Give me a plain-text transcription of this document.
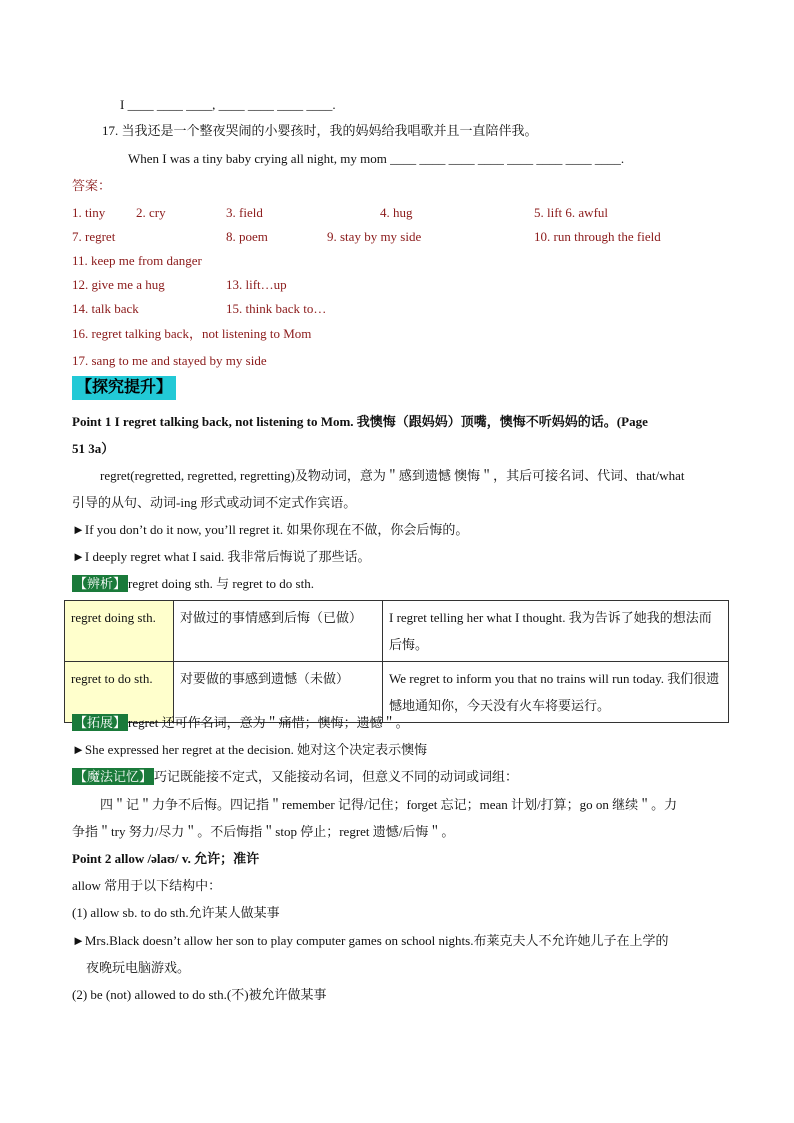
I ____ ____ ____, ____ ____ ____ ____.
17. 当我还是一个整夜哭闹的小婴孩时，我的妈妈给我唱歌并且一直陪伴我。
When I was a tiny baby crying all night, my mom ____ ____ ____ ____ ____ ____ ____ ____.
答案：
1. tiny 2. cry	3. field	4. hug	5. lift 6. awful
7. regret	8. poem	9. stay by my side	10. run through the field
11. keep me from danger
12. give me a hug	13. lift…up
14. talk back	15. think back to…
16. regret talking back，not listening to Mom
17. sang to me and stayed by my side
【探究提升】
Point 1 I regret talking back, not listening to Mom. 我懊悔（跟妈妈）顶嘴，懊悔不听妈妈的话。(Page
51 3a）
regret(regretted, regretted, regretting)及物动词，意为＂感到遗憾 懊悔＂，其后可接名词、代词、that/what
引导的从句、动词-ing 形式或动词不定式作宾语。
►If you don’t do it now, you’ll regret it. 如果你现在不做，你会后悔的。
►I deeply regret what I said. 我非常后悔说了那些话。
【辨析】 regret doing sth. 与 regret to do sth.
regret doing sth.	对做过的事情感到后悔（已做）	I regret telling her what I thought. 我为告诉了她我的想法而后悔。
regret to do sth.	对要做的事感到遗憾（未做）	We regret to inform you that no trains will run today. 我们很遗憾地通知你，今天没有火车将要运行。
【拓展】 regret 还可作名词，意为＂痛惜；懊悔；遗憾＂。
►She expressed her regret at the decision. 她对这个决定表示懊悔
【魔法记忆】 巧记既能接不定式，又能接动名词，但意义不同的动词或词组：
四＂记＂力争不后悔。四记指＂remember 记得/记住；forget 忘记；mean 计划/打算；go on 继续＂。力
争指＂try 努力/尽力＂。不后悔指＂stop 停止；regret 遗憾/后悔＂。
Point 2 allow /əlaʊ/ v. 允许；准许
allow 常用于以下结构中：
(1) allow sb. to do sth.允许某人做某事
►Mrs.Black doesn’t allow her son to play computer games on school nights.布莱克夫人不允许她儿子在上学的
夜晚玩电脑游戏。
(2) be (not) allowed to do sth.(不)被允许做某事
